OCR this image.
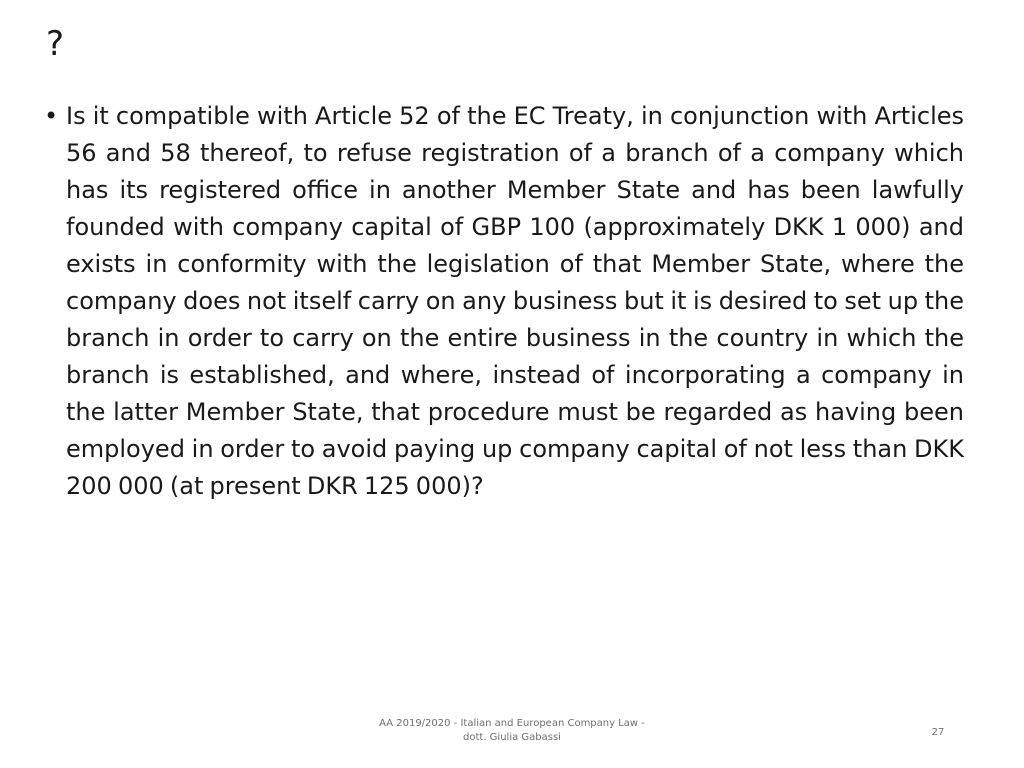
?
• Is it compatible with Article 52 of the EC Treaty, in conjunction with Articles 56 and 58 thereof, to refuse registration of a branch of a company which has its registered office in another Member State and has been lawfully founded with company capital of GBP 100 (approximately DKK 1 000) and exists in conformity with the legislation of that Member State, where the company does not itself carry on any business but it is desired to set up the branch in order to carry on the entire business in the country in which the branch is established, and where, instead of incorporating a company in the latter Member State, that procedure must be regarded as having been employed in order to avoid paying up company capital of not less than DKK 200 000 (at present DKR 125 000)?

AA 2019/2020 - Italian and European Company Law -
dott. Giulia Gabassi	27
